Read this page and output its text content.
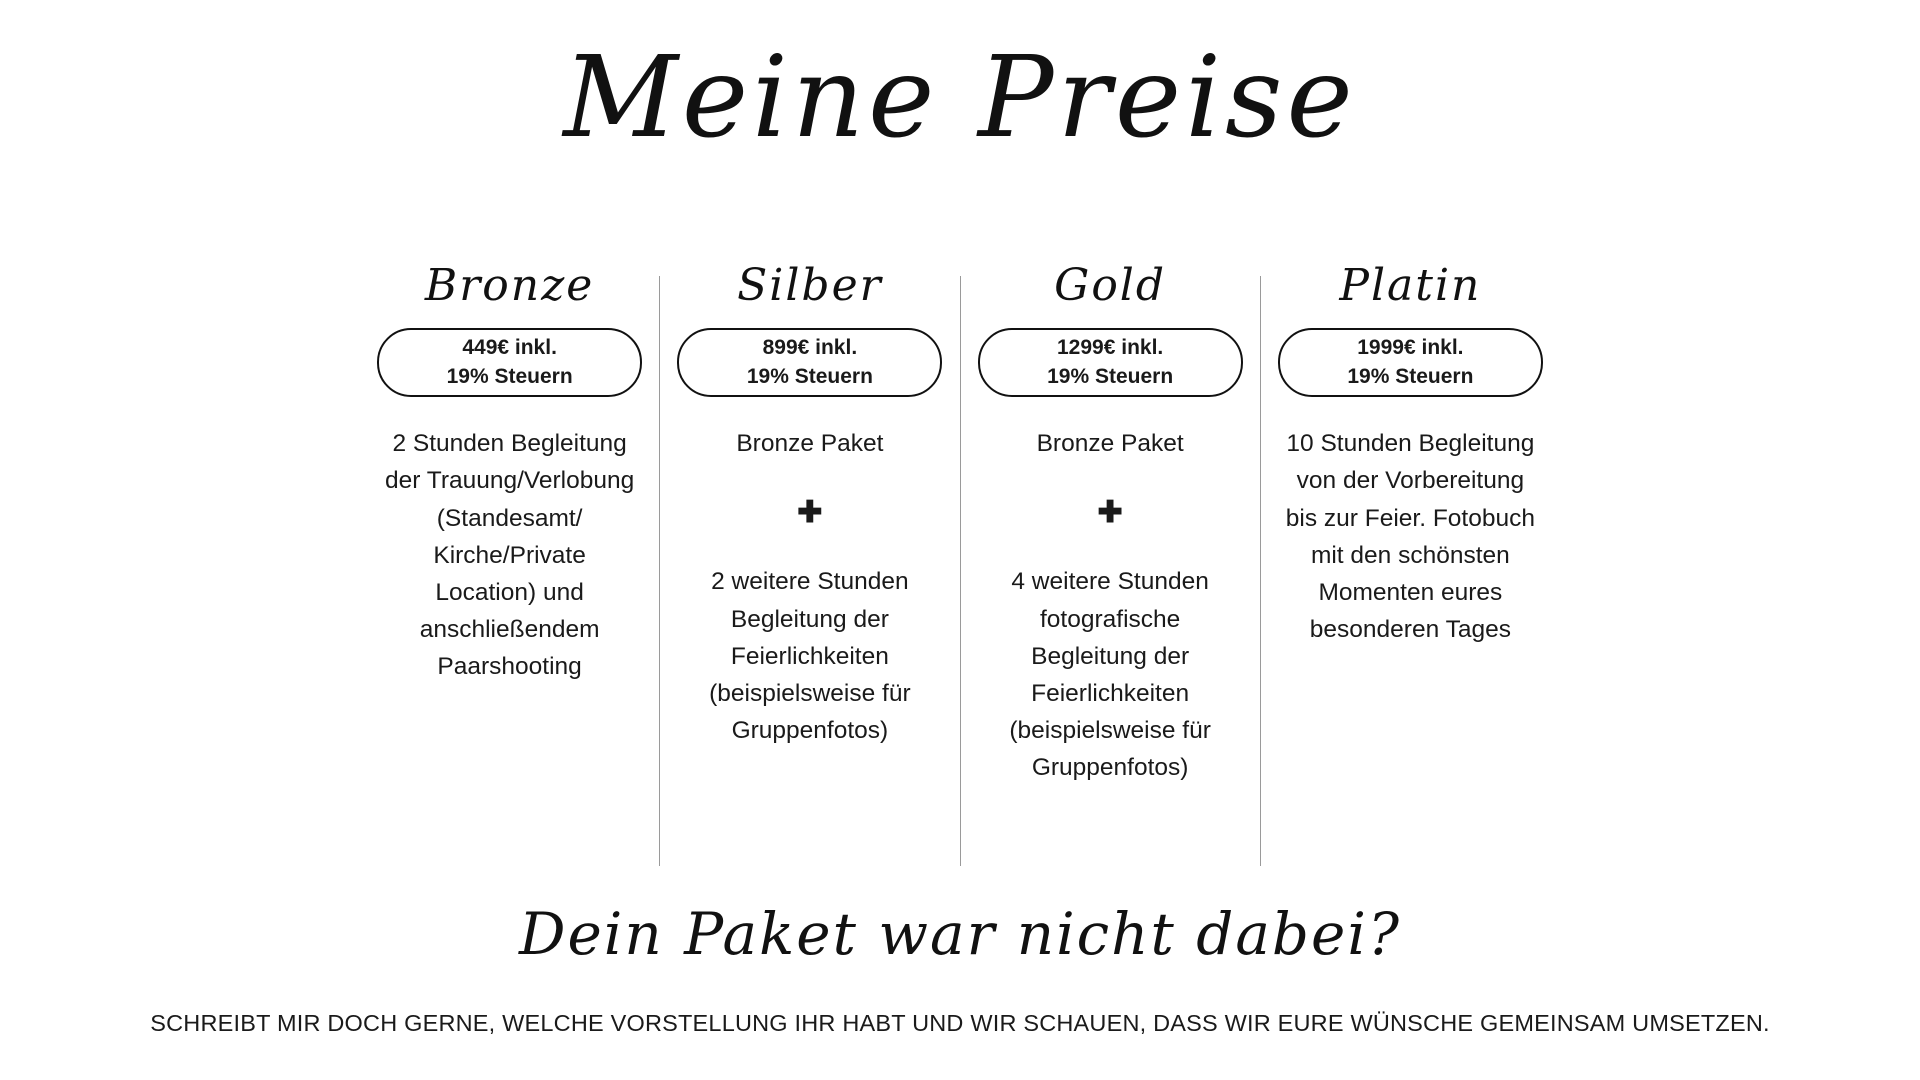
Meine Preise
Bronze
449€ inkl.
19% Steuern
2 Stunden Begleitung der Trauung/Verlobung (Standesamt/ Kirche/Private Location) und anschließendem Paarshooting
Silber
899€ inkl.
19% Steuern
Bronze Paket
✚
2 weitere Stunden Begleitung der Feierlichkeiten (beispielsweise für Gruppenfotos)
Gold
1299€ inkl.
19% Steuern
Bronze Paket
✚
4 weitere Stunden fotografische Begleitung der Feierlichkeiten (beispielsweise für Gruppenfotos)
Platin
1999€ inkl.
19% Steuern
10 Stunden Begleitung von der Vorbereitung bis zur Feier. Fotobuch mit den schönsten Momenten eures besonderen Tages
Dein Paket war nicht dabei?
SCHREIBT MIR DOCH GERNE, WELCHE VORSTELLUNG IHR HABT UND WIR SCHAUEN, DASS WIR EURE WÜNSCHE GEMEINSAM UMSETZEN.
